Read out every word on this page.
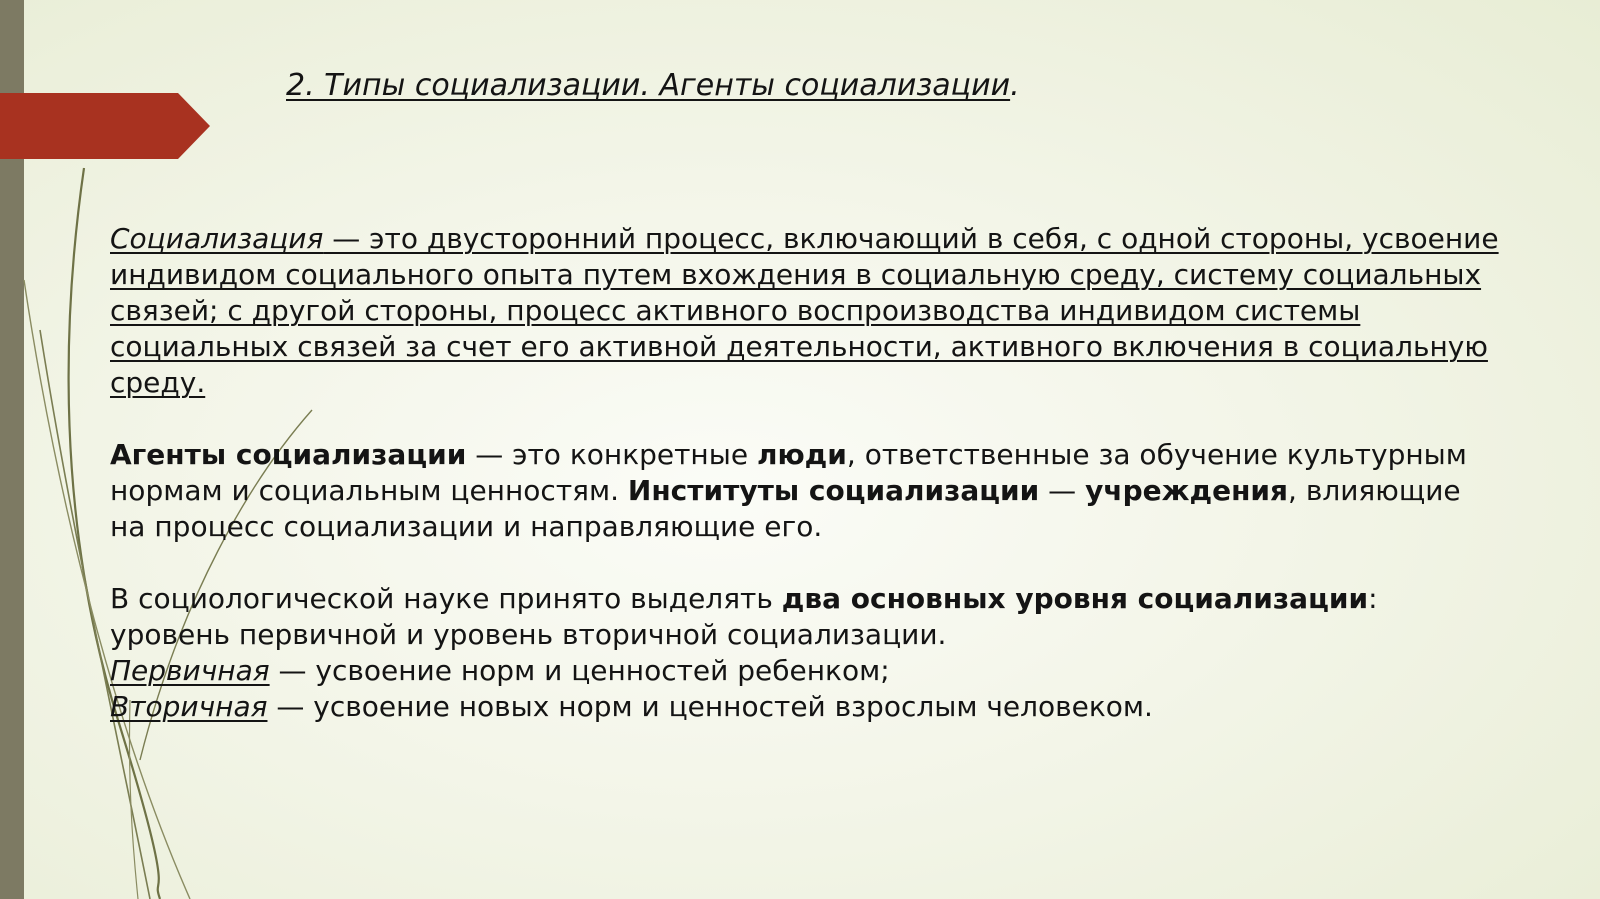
2. Типы социализации. Агенты социализации.

Социализация — это двусторонний процесс, включающий в себя, с одной стороны, усвоение индивидом социального опыта путем вхождения в социальную среду, систему социальных связей; с другой стороны, процесс активного воспроизводства индивидом системы социальных связей за счет его активной деятельности, активного включения в социальную среду.

Агенты социализации — это конкретные люди, ответственные за обучение культурным нормам и социальным ценностям. Институты социализации — учреждения, влияющие на процесс социализации и направляющие его.

В социологической науке принято выделять два основных уровня социализации: уровень первичной и уровень вторичной социализации.

Первичная — усвоение норм и ценностей ребенком;

Вторичная — усвоение новых норм и ценностей взрослым человеком.
